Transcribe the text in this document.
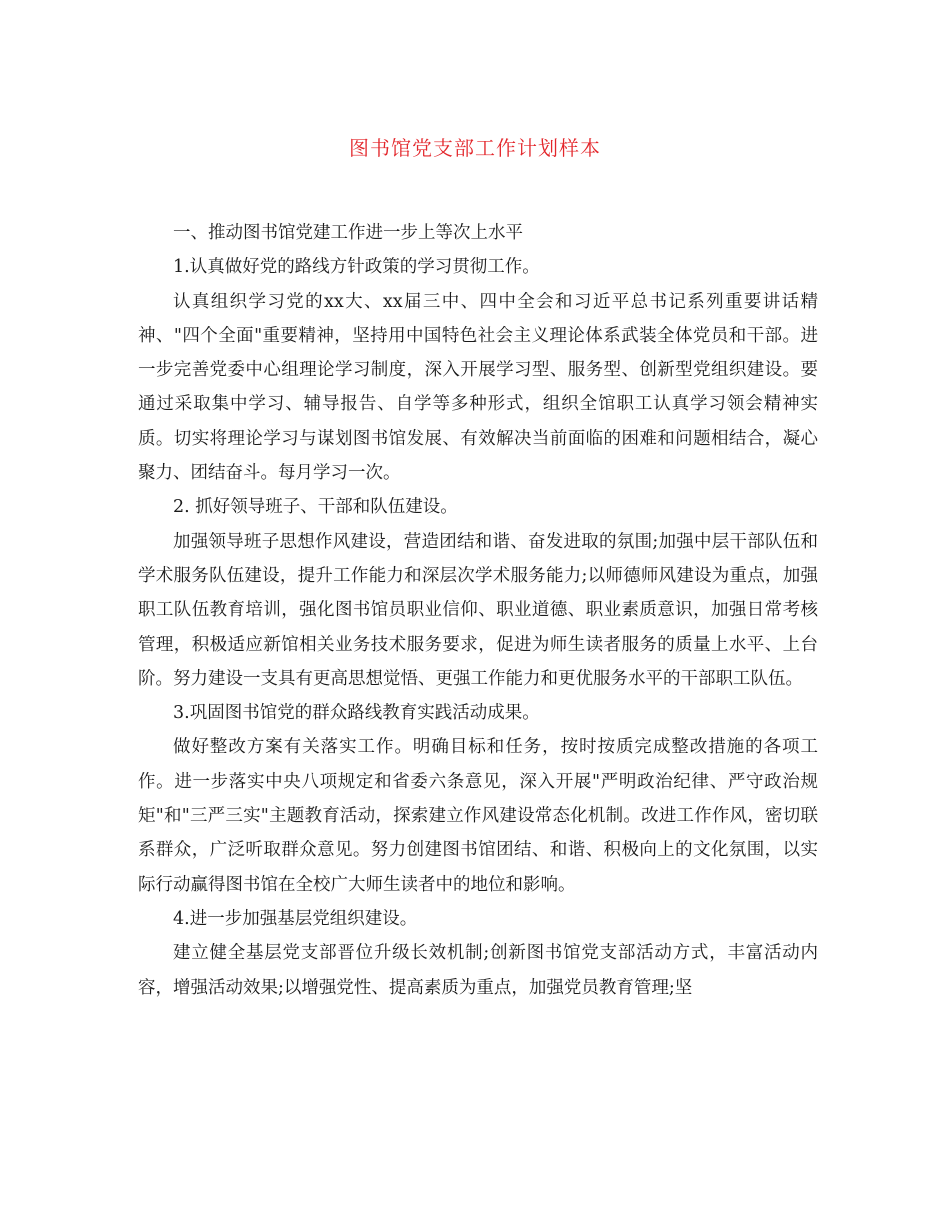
图书馆党支部工作计划样本

一、推动图书馆党建工作进一步上等次上水平

1.认真做好党的路线方针政策的学习贯彻工作。

认真组织学习党的xx大、xx届三中、四中全会和习近平总书记系列重要讲话精神、"四个全面"重要精神，坚持用中国特色社会主义理论体系武装全体党员和干部。进一步完善党委中心组理论学习制度，深入开展学习型、服务型、创新型党组织建设。要通过采取集中学习、辅导报告、自学等多种形式，组织全馆职工认真学习领会精神实质。切实将理论学习与谋划图书馆发展、有效解决当前面临的困难和问题相结合，凝心聚力、团结奋斗。每月学习一次。

2. 抓好领导班子、干部和队伍建设。

加强领导班子思想作风建设，营造团结和谐、奋发进取的氛围;加强中层干部队伍和学术服务队伍建设，提升工作能力和深层次学术服务能力;以师德师风建设为重点，加强职工队伍教育培训，强化图书馆员职业信仰、职业道德、职业素质意识，加强日常考核管理，积极适应新馆相关业务技术服务要求，促进为师生读者服务的质量上水平、上台阶。努力建设一支具有更高思想觉悟、更强工作能力和更优服务水平的干部职工队伍。

3.巩固图书馆党的群众路线教育实践活动成果。

做好整改方案有关落实工作。明确目标和任务，按时按质完成整改措施的各项工作。进一步落实中央八项规定和省委六条意见，深入开展"严明政治纪律、严守政治规矩"和"三严三实"主题教育活动，探索建立作风建设常态化机制。改进工作作风，密切联系群众，广泛听取群众意见。努力创建图书馆团结、和谐、积极向上的文化氛围，以实际行动赢得图书馆在全校广大师生读者中的地位和影响。

4.进一步加强基层党组织建设。

建立健全基层党支部晋位升级长效机制;创新图书馆党支部活动方式，丰富活动内容，增强活动效果;以增强党性、提高素质为重点，加强党员教育管理;坚
